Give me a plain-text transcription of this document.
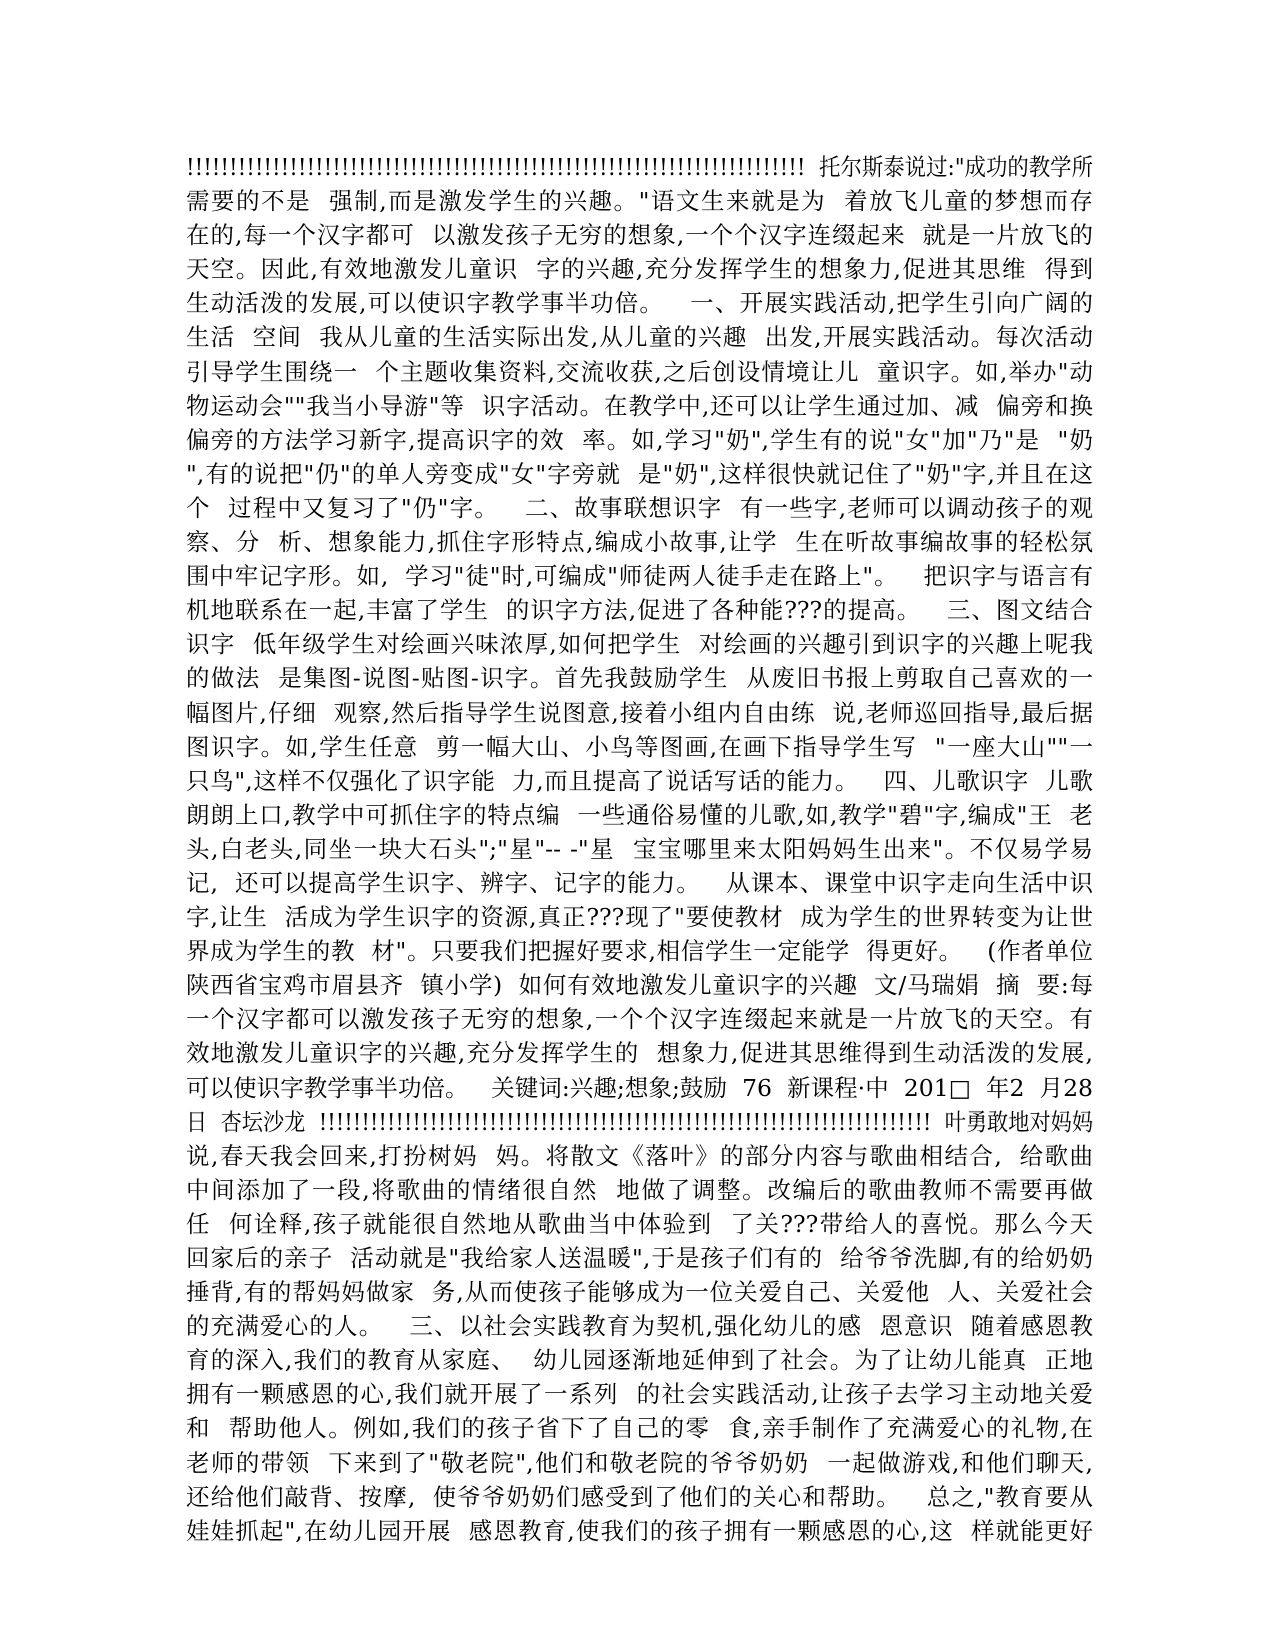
!!!!!!!!!!!!!!!!!!!!!!!!!!!!!!!!!!!!!!!!!!!!!!!!!!!!!!!!!!!!!!!!!!!!!!!!  托尔斯泰说过:"成功的教学所
需要的不是  强制,而是激发学生的兴趣。"语文生来就是为  着放飞儿童的梦想而存
在的,每一个汉字都可  以激发孩子无穷的想象,一个个汉字连缀起来  就是一片放飞的
天空。因此,有效地激发儿童识  字的兴趣,充分发挥学生的想象力,促进其思维  得到
生动活泼的发展,可以使识字教学事半功倍。   一、开展实践活动,把学生引向广阔的
生活  空间  我从儿童的生活实际出发,从儿童的兴趣  出发,开展实践活动。每次活动
引导学生围绕一  个主题收集资料,交流收获,之后创设情境让儿  童识字。如,举办"动
物运动会""我当小导游"等  识字活动。在教学中,还可以让学生通过加、减  偏旁和换
偏旁的方法学习新字,提高识字的效  率。如,学习"奶",学生有的说"女"加"乃"是  "奶
",有的说把"仍"的单人旁变成"女"字旁就  是"奶",这样很快就记住了"奶"字,并且在这
个  过程中又复习了"仍"字。   二、故事联想识字  有一些字,老师可以调动孩子的观
察、分  析、想象能力,抓住字形特点,编成小故事,让学  生在听故事编故事的轻松氛
围中牢记字形。如,  学习"徒"时,可编成"师徒两人徒手走在路上"。   把识字与语言有
机地联系在一起,丰富了学生  的识字方法,促进了各种能???的提高。   三、图文结合
识字  低年级学生对绘画兴味浓厚,如何把学生  对绘画的兴趣引到识字的兴趣上呢我
的做法  是集图-说图-贴图-识字。首先我鼓励学生  从废旧书报上剪取自己喜欢的一
幅图片,仔细  观察,然后指导学生说图意,接着小组内自由练  说,老师巡回指导,最后据
图识字。如,学生任意  剪一幅大山、小鸟等图画,在画下指导学生写  "一座大山""一
只鸟",这样不仅强化了识字能  力,而且提高了说话写话的能力。   四、儿歌识字  儿歌
朗朗上口,教学中可抓住字的特点编  一些通俗易懂的儿歌,如,教学"碧"字,编成"王  老
头,白老头,同坐一块大石头";"星"-- -"星  宝宝哪里来太阳妈妈生出来"。不仅易学易
记,  还可以提高学生识字、辨字、记字的能力。   从课本、课堂中识字走向生活中识
字,让生  活成为学生识字的资源,真正???现了"要使教材  成为学生的世界转变为让世
界成为学生的教  材"。只要我们把握好要求,相信学生一定能学  得更好。   (作者单位
陕西省宝鸡市眉县齐  镇小学)  如何有效地激发儿童识字的兴趣  文/马瑞娟  摘  要:每
一个汉字都可以激发孩子无穷的想象,一个个汉字连缀起来就是一片放飞的天空。有
效地激发儿童识字的兴趣,充分发挥学生的  想象力,促进其思维得到生动活泼的发展,
可以使识字教学事半功倍。   关键词:兴趣;想象;鼓励  76  新课程·中  201□  年2  月28
日  杏坛沙龙  !!!!!!!!!!!!!!!!!!!!!!!!!!!!!!!!!!!!!!!!!!!!!!!!!!!!!!!!!!!!!!!!!!!!!!!!  叶勇敢地对妈妈
说,春天我会回来,打扮树妈  妈。将散文《落叶》的部分内容与歌曲相结合,  给歌曲
中间添加了一段,将歌曲的情绪很自然  地做了调整。改编后的歌曲教师不需要再做
任  何诠释,孩子就能很自然地从歌曲当中体验到  了关???带给人的喜悦。那么今天
回家后的亲子  活动就是"我给家人送温暖",于是孩子们有的  给爷爷洗脚,有的给奶奶
捶背,有的帮妈妈做家  务,从而使孩子能够成为一位关爱自己、关爱他  人、关爱社会
的充满爱心的人。   三、以社会实践教育为契机,强化幼儿的感  恩意识  随着感恩教
育的深入,我们的教育从家庭、  幼儿园逐渐地延伸到了社会。为了让幼儿能真  正地
拥有一颗感恩的心,我们就开展了一系列  的社会实践活动,让孩子去学习主动地关爱
和  帮助他人。例如,我们的孩子省下了自己的零  食,亲手制作了充满爱心的礼物,在
老师的带领  下来到了"敬老院",他们和敬老院的爷爷奶奶  一起做游戏,和他们聊天,
还给他们敲背、按摩,  使爷爷奶奶们感受到了他们的关心和帮助。   总之,"教育要从
娃娃抓起",在幼儿园开展  感恩教育,使我们的孩子拥有一颗感恩的心,这  样就能更好
